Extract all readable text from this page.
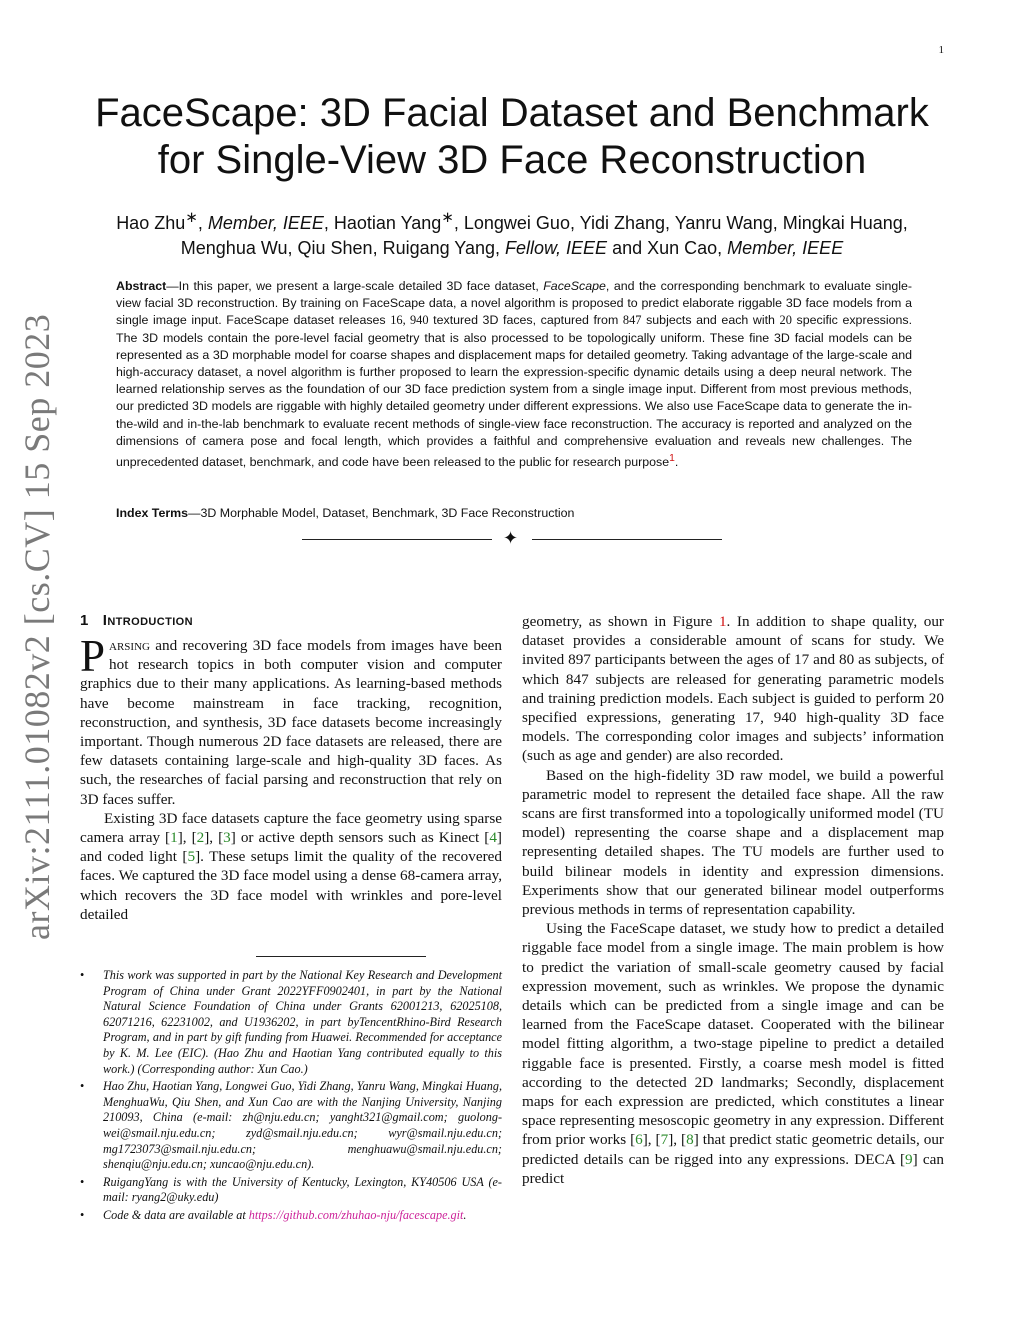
1
arXiv:2111.01082v2 [cs.CV] 15 Sep 2023
FaceScape: 3D Facial Dataset and Benchmark
for Single-View 3D Face Reconstruction
Hao Zhu∗, Member, IEEE, Haotian Yang∗, Longwei Guo, Yidi Zhang, Yanru Wang, Mingkai Huang,
Menghua Wu, Qiu Shen, Ruigang Yang, Fellow, IEEE and Xun Cao, Member, IEEE
Abstract—In this paper, we present a large-scale detailed 3D face dataset, FaceScape, and the corresponding benchmark to evaluate single-view facial 3D reconstruction. By training on FaceScape data, a novel algorithm is proposed to predict elaborate riggable 3D face models from a single image input. FaceScape dataset releases 16, 940 textured 3D faces, captured from 847 subjects and each with 20 specific expressions. The 3D models contain the pore-level facial geometry that is also processed to be topologically uniform. These fine 3D facial models can be represented as a 3D morphable model for coarse shapes and displacement maps for detailed geometry. Taking advantage of the large-scale and high-accuracy dataset, a novel algorithm is further proposed to learn the expression-specific dynamic details using a deep neural network. The learned relationship serves as the foundation of our 3D face prediction system from a single image input. Different from most previous methods, our predicted 3D models are riggable with highly detailed geometry under different expressions. We also use FaceScape data to generate the in-the-wild and in-the-lab benchmark to evaluate recent methods of single-view face reconstruction. The accuracy is reported and analyzed on the dimensions of camera pose and focal length, which provides a faithful and comprehensive evaluation and reveals new challenges. The unprecedented dataset, benchmark, and code have been released to the public for research purpose$^1$.
Index Terms—3D Morphable Model, Dataset, Benchmark, 3D Face Reconstruction
✦
1 Introduction

Parsing and recovering 3D face models from images have been hot research topics in both computer vision and computer graphics due to their many applications. As learning-based methods have become mainstream in face tracking, recognition, reconstruction, and synthesis, 3D face datasets become increasingly important. Though numerous 2D face datasets are released, there are few datasets containing large-scale and high-quality 3D faces. As such, the researches of facial parsing and reconstruction that rely on 3D faces suffer.

Existing 3D face datasets capture the face geometry using sparse camera array [1], [2], [3] or active depth sensors such as Kinect [4] and coded light [5]. These setups limit the quality of the recovered faces. We captured the 3D face model using a dense 68-camera array, which recovers the 3D face model with wrinkles and pore-level detailed

• This work was supported in part by the National Key Research and Development Program of China under Grant 2022YFF0902401, in part by the National Natural Science Foundation of China under Grants 62001213, 62025108, 62071216, 62231002, and U1936202, in part byTencentRhino-Bird Research Program, and in part by gift funding from Huawei. Recommended for acceptance by K. M. Lee (EIC). (Hao Zhu and Haotian Yang contributed equally to this work.) (Corresponding author: Xun Cao.)
• Hao Zhu, Haotian Yang, Longwei Guo, Yidi Zhang, Yanru Wang, Mingkai Huang, MenghuaWu, Qiu Shen, and Xun Cao are with the Nanjing University, Nanjing 210093, China (e-mail: zh@nju.edu.cn; yanght321@gmail.com; guolong-wei@smail.nju.edu.cn; zyd@smail.nju.edu.cn; wyr@smail.nju.edu.cn; mg1723073@smail.nju.edu.cn; menghuawu@smail.nju.edu.cn; shenqiu@nju.edu.cn; xuncao@nju.edu.cn).
• RuigangYang is with the University of Kentucky, Lexington, KY40506 USA (e-mail: ryang2@uky.edu)
• Code & data are available at https://github.com/zhuhao-nju/facescape.git.

geometry, as shown in Figure 1. In addition to shape quality, our dataset provides a considerable amount of scans for study. We invited 897 participants between the ages of 17 and 80 as subjects, of which 847 subjects are released for generating parametric models and training prediction models. Each subject is guided to perform 20 specified expressions, generating 17, 940 high-quality 3D face models. The corresponding color images and subjects’ information (such as age and gender) are also recorded.

Based on the high-fidelity 3D raw model, we build a powerful parametric model to represent the detailed face shape. All the raw scans are first transformed into a topologically uniformed model (TU model) representing the coarse shape and a displacement map representing detailed shapes. The TU models are further used to build bilinear models in identity and expression dimensions. Experiments show that our generated bilinear model outperforms previous methods in terms of representation capability.

Using the FaceScape dataset, we study how to predict a detailed riggable face model from a single image. The main problem is how to predict the variation of small-scale geometry caused by facial expression movement, such as wrinkles. We propose the dynamic details which can be predicted from a single image and can be learned from the FaceScape dataset. Cooperated with the bilinear model fitting algorithm, a two-stage pipeline to predict a detailed riggable face is presented. Firstly, a coarse mesh model is fitted according to the detected 2D landmarks; Secondly, displacement maps for each expression are predicted, which constitutes a linear space representing mesoscopic geometry in any expression. Different from prior works [6], [7], [8] that predict static geometric details, our predicted details can be rigged into any expressions. DECA [9] can predict
